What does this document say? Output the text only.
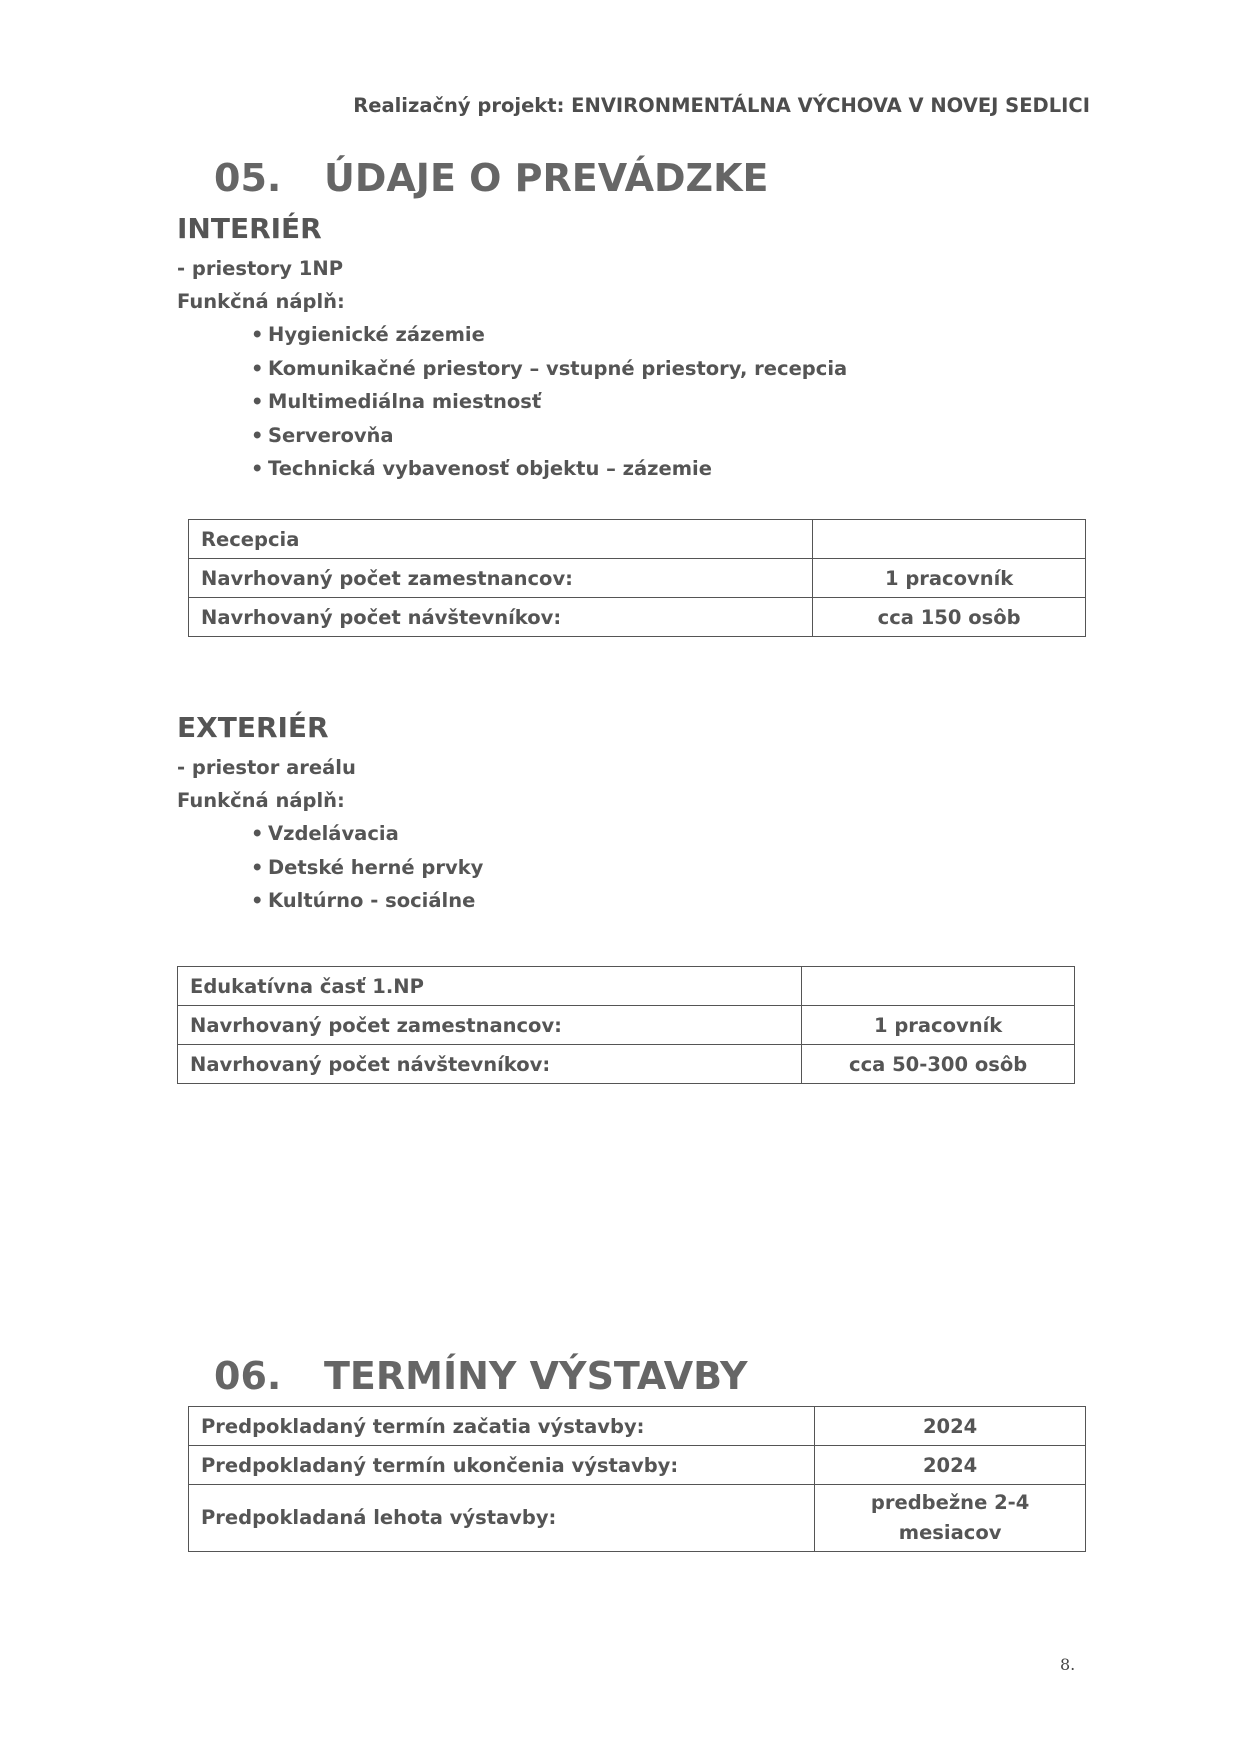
Realizačný projekt: ENVIRONMENTÁLNA VÝCHOVA V NOVEJ SEDLICI
05. ÚDAJE O PREVÁDZKE
INTERIÉR
- priestory 1NP
Funkčná náplň:
• Hygienické zázemie
• Komunikačné priestory – vstupné priestory, recepcia
• Multimediálna miestnosť
• Serverovňa
• Technická vybavenosť objektu – zázemie
Recepcia	
Navrhovaný počet zamestnancov:	1 pracovník
Navrhovaný počet návštevníkov:	cca 150 osôb
EXTERIÉR
- priestor areálu
Funkčná náplň:
• Vzdelávacia
• Detské herné prvky
• Kultúrno - sociálne
Edukatívna časť 1.NP	
Navrhovaný počet zamestnancov:	1 pracovník
Navrhovaný počet návštevníkov:	cca 50-300 osôb
06. TERMÍNY VÝSTAVBY
Predpokladaný termín začatia výstavby:	2024
Predpokladaný termín ukončenia výstavby:	2024
Predpokladaná lehota výstavby:	predbežne 2-4
mesiacov
8.
